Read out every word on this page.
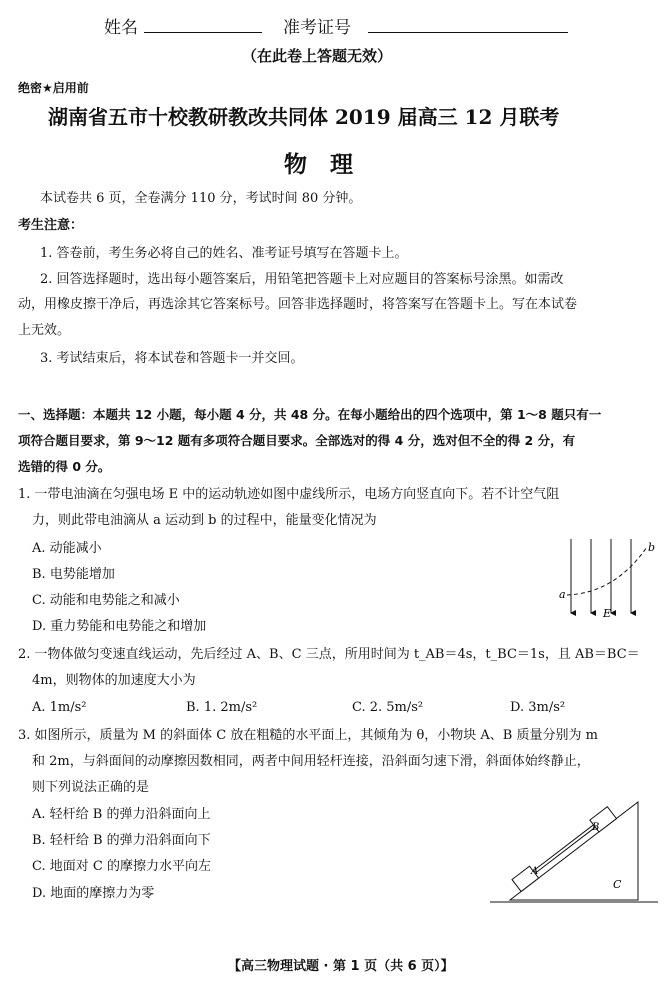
姓名	准考证号
（在此卷上答题无效）
绝密★启用前
湖南省五市十校教研教改共同体 2019 届高三 12 月联考
物　理
本试卷共 6 页，全卷满分 110 分，考试时间 80 分钟。
考生注意：
1. 答卷前，考生务必将自己的姓名、准考证号填写在答题卡上。
2. 回答选择题时，选出每小题答案后，用铅笔把答题卡上对应题目的答案标号涂黑。如需改
动，用橡皮擦干净后，再选涂其它答案标号。回答非选择题时，将答案写在答题卡上。写在本试卷
上无效。
3. 考试结束后，将本试卷和答题卡一并交回。
一、选择题：本题共 12 小题，每小题 4 分，共 48 分。在每小题给出的四个选项中，第 1～8 题只有一
项符合题目要求，第 9～12 题有多项符合题目要求。全部选对的得 4 分，选对但不全的得 2 分，有
选错的得 0 分。
1. 一带电油滴在匀强电场 E 中的运动轨迹如图中虚线所示，电场方向竖直向下。若不计空气阻
力，则此带电油滴从 a 运动到 b 的过程中，能量变化情况为
A. 动能减小
B. 电势能增加
C. 动能和电势能之和减小
D. 重力势能和电势能之和增加
a
b
E
2. 一物体做匀变速直线运动，先后经过 A、B、C 三点，所用时间为 t_AB＝4s，t_BC＝1s，且 AB＝BC＝
4m，则物体的加速度大小为
A. 1m/s²	B. 1. 2m/s²	C. 2. 5m/s²	D. 3m/s²
3. 如图所示，质量为 M 的斜面体 C 放在粗糙的水平面上，其倾角为 θ，小物块 A、B 质量分别为 m
和 2m，与斜面间的动摩擦因数相同，两者中间用轻杆连接，沿斜面匀速下滑，斜面体始终静止，
则下列说法正确的是
A. 轻杆给 B 的弹力沿斜面向上
B. 轻杆给 B 的弹力沿斜面向下
C. 地面对 C 的摩擦力水平向左
D. 地面的摩擦力为零
A
B
C
【高三物理试题 · 第 1 页（共 6 页）】
